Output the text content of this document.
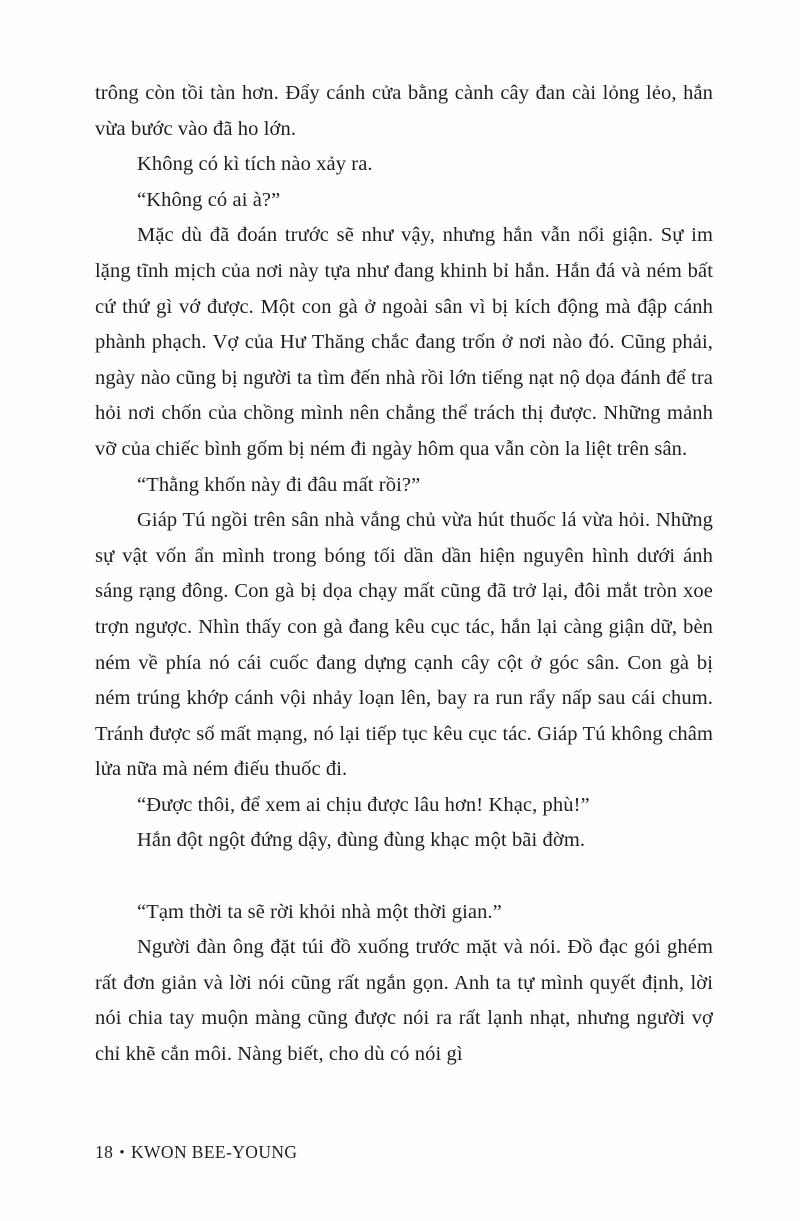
trông còn tồi tàn hơn. Đẩy cánh cửa bằng cành cây đan cài lỏng lẻo, hắn vừa bước vào đã ho lớn.

Không có kì tích nào xảy ra.

“Không có ai à?”

Mặc dù đã đoán trước sẽ như vậy, nhưng hắn vẫn nổi giận. Sự im lặng tĩnh mịch của nơi này tựa như đang khinh bỉ hắn. Hắn đá và ném bất cứ thứ gì vớ được. Một con gà ở ngoài sân vì bị kích động mà đập cánh phành phạch. Vợ của Hư Thăng chắc đang trốn ở nơi nào đó. Cũng phải, ngày nào cũng bị người ta tìm đến nhà rồi lớn tiếng nạt nộ dọa đánh để tra hỏi nơi chốn của chồng mình nên chẳng thể trách thị được. Những mảnh vỡ của chiếc bình gốm bị ném đi ngày hôm qua vẫn còn la liệt trên sân.

“Thằng khốn này đi đâu mất rồi?”

Giáp Tú ngồi trên sân nhà vắng chủ vừa hút thuốc lá vừa hỏi. Những sự vật vốn ẩn mình trong bóng tối dần dần hiện nguyên hình dưới ánh sáng rạng đông. Con gà bị dọa chạy mất cũng đã trở lại, đôi mắt tròn xoe trợn ngược. Nhìn thấy con gà đang kêu cục tác, hắn lại càng giận dữ, bèn ném về phía nó cái cuốc đang dựng cạnh cây cột ở góc sân. Con gà bị ném trúng khớp cánh vội nhảy loạn lên, bay ra run rẩy nấp sau cái chum. Tránh được số mất mạng, nó lại tiếp tục kêu cục tác. Giáp Tú không châm lửa nữa mà ném điếu thuốc đi.

“Được thôi, để xem ai chịu được lâu hơn! Khạc, phù!”

Hắn đột ngột đứng dậy, đùng đùng khạc một bãi đờm.

“Tạm thời ta sẽ rời khỏi nhà một thời gian.”

Người đàn ông đặt túi đồ xuống trước mặt và nói. Đồ đạc gói ghém rất đơn giản và lời nói cũng rất ngắn gọn. Anh ta tự mình quyết định, lời nói chia tay muộn màng cũng được nói ra rất lạnh nhạt, nhưng người vợ chỉ khẽ cắn môi. Nàng biết, cho dù có nói gì

18 • KWON BEE-YOUNG
